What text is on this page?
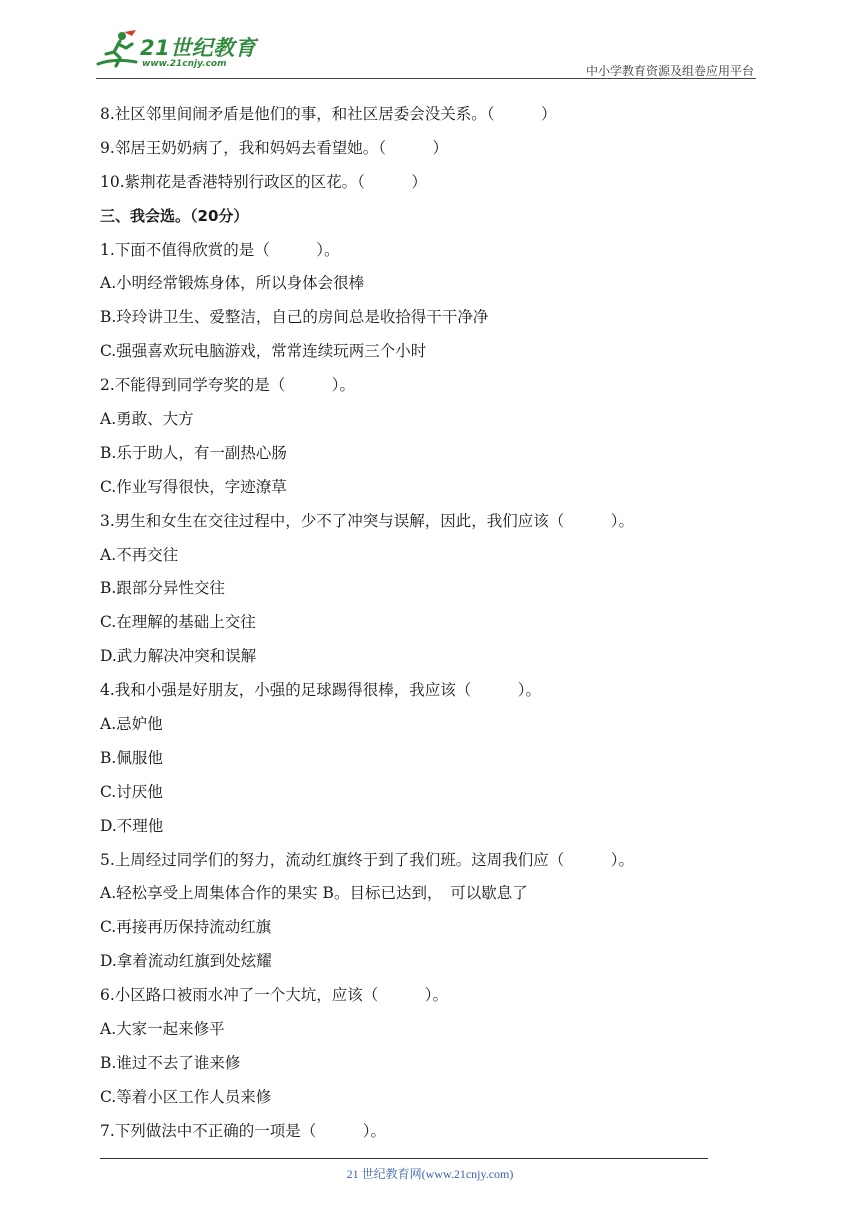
21世纪教育
www.21cnjy.com	中小学教育资源及组卷应用平台
8.社区邻里间闹矛盾是他们的事，和社区居委会没关系。（　　　）
9.邻居王奶奶病了，我和妈妈去看望她。（　　　）
10.紫荆花是香港特别行政区的区花。（　　　）
三、我会选。（20分）
1.下面不值得欣赏的是（　　　）。
A.小明经常锻炼身体，所以身体会很棒
B.玲玲讲卫生、爱整洁，自己的房间总是收拾得干干净净
C.强强喜欢玩电脑游戏，常常连续玩两三个小时
2.不能得到同学夸奖的是（　　　）。
A.勇敢、大方
B.乐于助人，有一副热心肠
C.作业写得很快，字迹潦草
3.男生和女生在交往过程中，少不了冲突与误解，因此，我们应该（　　　）。
A.不再交往
B.跟部分异性交往
C.在理解的基础上交往
D.武力解决冲突和误解
4.我和小强是好朋友，小强的足球踢得很棒，我应该（　　　）。
A.忌妒他
B.佩服他
C.讨厌他
D.不理他
5.上周经过同学们的努力，流动红旗终于到了我们班。这周我们应（　　　）。
A.轻松享受上周集体合作的果实 B。目标已达到，　可以歇息了
C.再接再历保持流动红旗
D.拿着流动红旗到处炫耀
6.小区路口被雨水冲了一个大坑，应该（　　　）。
A.大家一起来修平
B.谁过不去了谁来修
C.等着小区工作人员来修
7.下列做法中不正确的一项是（　　　）。
21 世纪教育网(www.21cnjy.com)
